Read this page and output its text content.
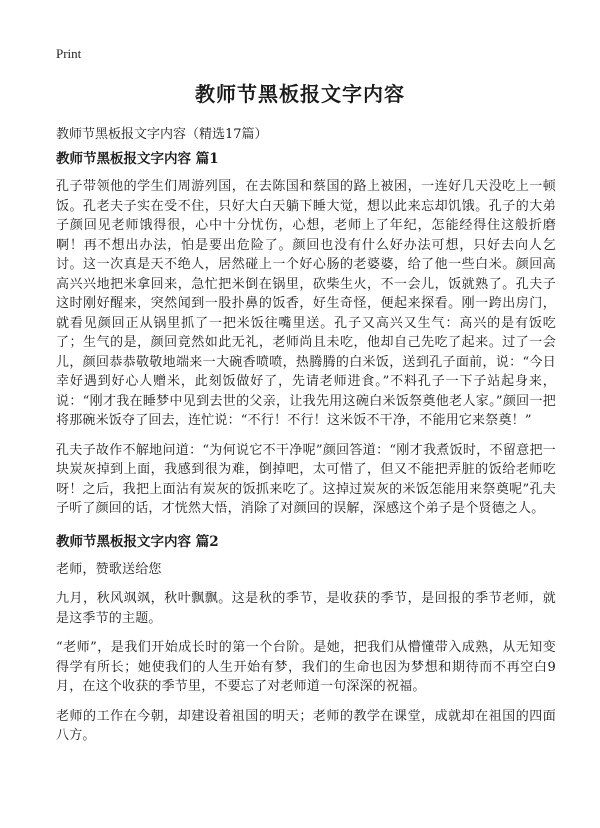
Print
教师节黑板报文字内容
教师节黑板报文字内容（精选17篇）
教师节黑板报文字内容 篇1

孔子带领他的学生们周游列国，在去陈国和蔡国的路上被困，一连好几天没吃上一顿饭。孔老夫子实在受不住，只好大白天躺下睡大觉，想以此来忘却饥饿。孔子的大弟子颜回见老师饿得很，心中十分忧伤，心想，老师上了年纪，怎能经得住这般折磨啊！再不想出办法，怕是要出危险了。颜回也没有什么好办法可想，只好去向人乞讨。这一次真是天不绝人，居然碰上一个好心肠的老婆婆，给了他一些白米。颜回高高兴兴地把米拿回来，急忙把米倒在锅里，砍柴生火，不一会儿，饭就熟了。孔夫子这时刚好醒来，突然闻到一股扑鼻的饭香，好生奇怪，便起来探看。刚一跨出房门，就看见颜回正从锅里抓了一把米饭往嘴里送。孔子又高兴又生气：高兴的是有饭吃了；生气的是，颜回竟然如此无礼，老师尚且未吃，他却自己先吃了起来。过了一会儿，颜回恭恭敬敬地端来一大碗香喷喷，热腾腾的白米饭，送到孔子面前，说：“今日幸好遇到好心人赠米，此刻饭做好了，先请老师进食。”不料孔子一下子站起身来，说：“刚才我在睡梦中见到去世的父亲，让我先用这碗白米饭祭奠他老人家。”颜回一把将那碗米饭夺了回去，连忙说：“不行！不行！这米饭不干净，不能用它来祭奠！”

孔夫子故作不解地问道：“为何说它不干净呢”颜回答道：“刚才我煮饭时，不留意把一块炭灰掉到上面，我感到很为难，倒掉吧，太可惜了，但又不能把弄脏的饭给老师吃呀！之后，我把上面沾有炭灰的饭抓来吃了。这掉过炭灰的米饭怎能用来祭奠呢”孔夫子听了颜回的话，才恍然大悟，消除了对颜回的误解，深感这个弟子是个贤德之人。

教师节黑板报文字内容 篇2

老师，赞歌送给您

九月，秋风飒飒，秋叶飘飘。这是秋的季节，是收获的季节，是回报的季节老师，就是这季节的主题。

“老师”，是我们开始成长时的第一个台阶。是她，把我们从懵懂带入成熟，从无知变得学有所长；她使我们的人生开始有梦，我们的生命也因为梦想和期待而不再空白9月，在这个收获的季节里，不要忘了对老师道一句深深的祝福。

老师的工作在今朝，却建设着祖国的明天；老师的教学在课堂，成就却在祖国的四面八方。
